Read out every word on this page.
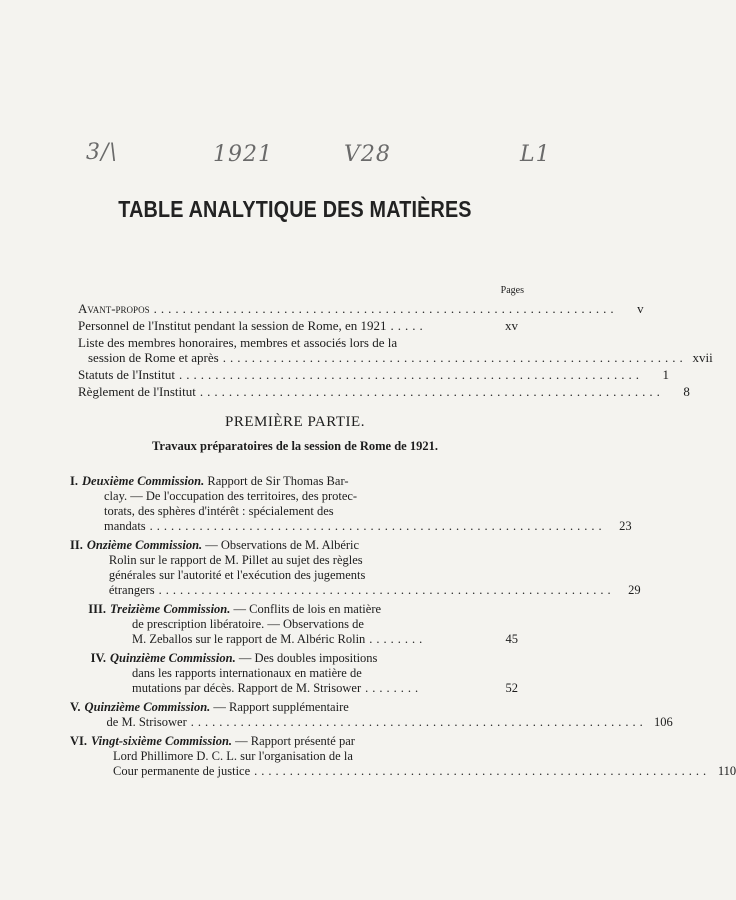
3/\	1921	V28	L1
TABLE ANALYTIQUE DES MATIÈRES
Pages
Avant-propos ................................................................	v
Personnel de l'Institut pendant la session de Rome, en 1921 .....	xv
Liste des membres honoraires, membres et associés lors de la
session de Rome et après ................................................................ xvii
Statuts de l'Institut ................................................................	1
Règlement de l'Institut ................................................................	8
PREMIÈRE PARTIE.
Travaux préparatoires de la session de Rome de 1921.
I. Deuxième Commission. Rapport de Sir Thomas Bar-
clay. — De l'occupation des territoires, des protec-
torats, des sphères d'intérêt : spécialement des
mandats ................................................................	23
II. Onzième Commission. — Observations de M. Albéric
Rolin sur le rapport de M. Pillet au sujet des règles
générales sur l'autorité et l'exécution des jugements
étrangers ................................................................	29
III. Treizième Commission. — Conflits de lois en matière
de prescription libératoire. — Observations de
M. Zeballos sur le rapport de M. Albéric Rolin ........	45
IV. Quinzième Commission. — Des doubles impositions
dans les rapports internationaux en matière de
mutations par décès. Rapport de M. Strisower ........	52
V. Quinzième Commission. — Rapport supplémentaire
de M. Strisower ................................................................ 106
VI. Vingt-sixième Commission. — Rapport présenté par
Lord Phillimore D. C. L. sur l'organisation de la
Cour permanente de justice ................................................................ 110
